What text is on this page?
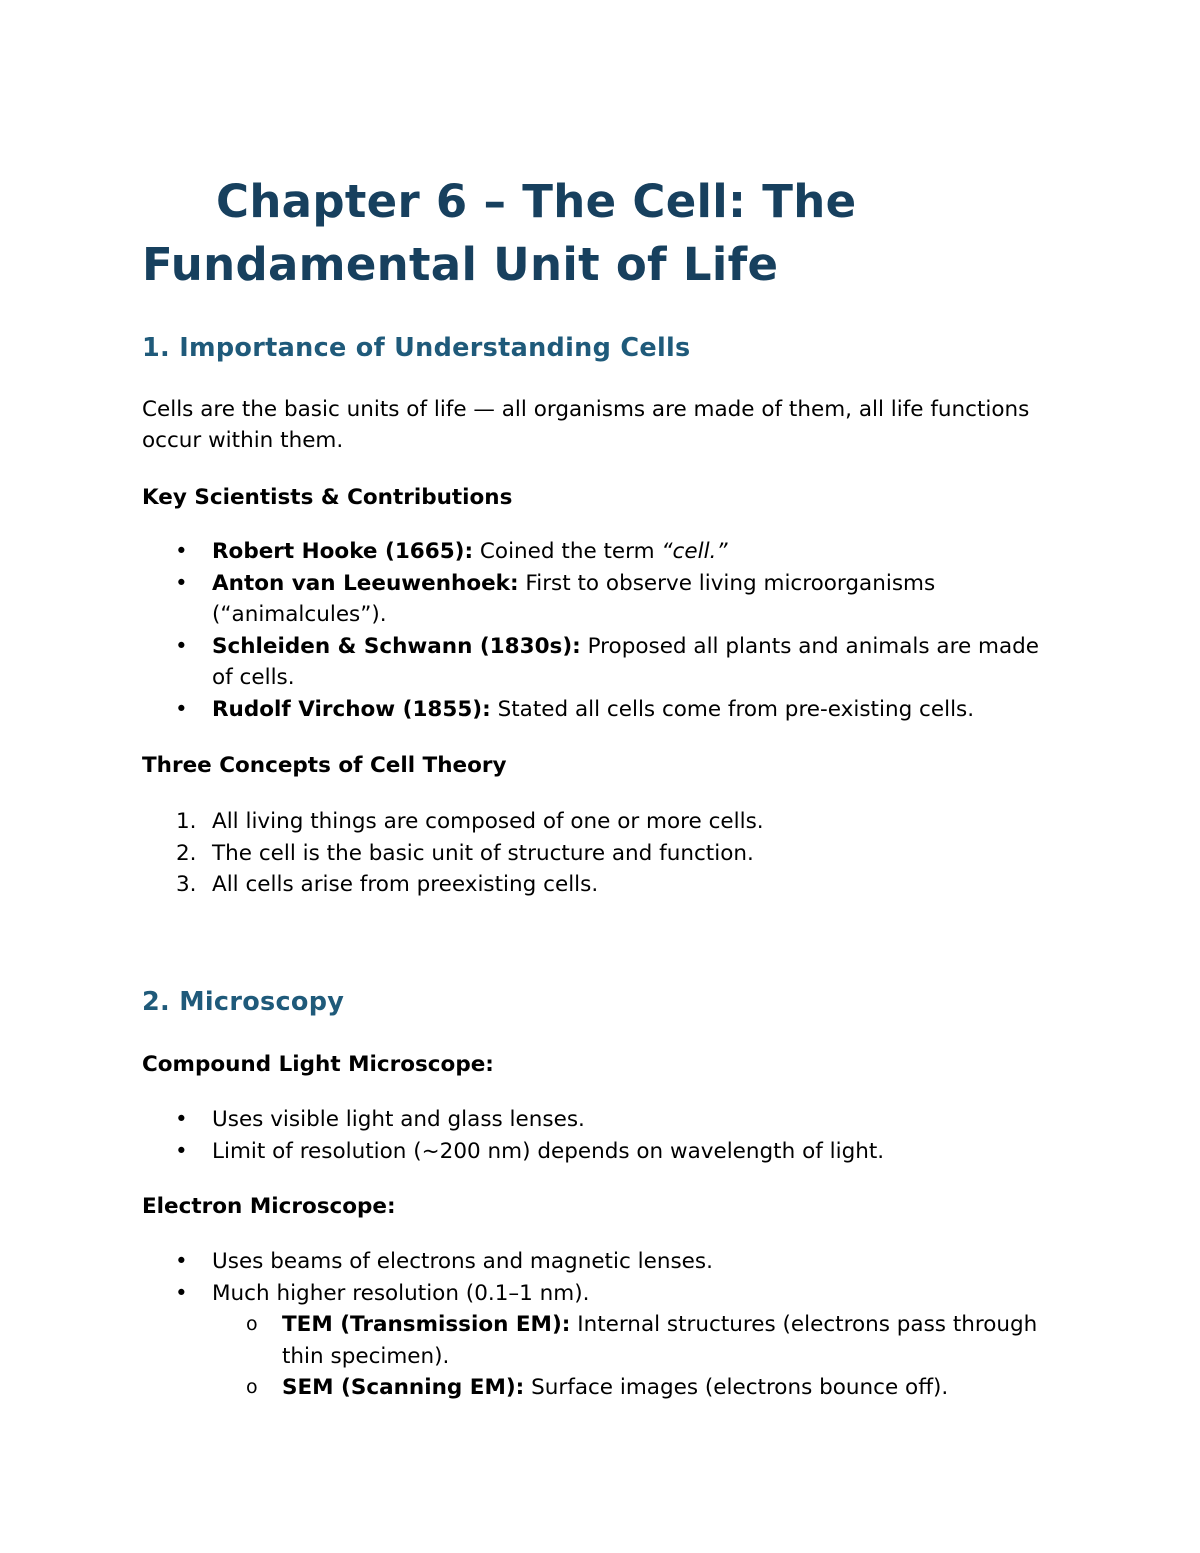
Chapter 6 – The Cell: The
Fundamental Unit of Life
1. Importance of Understanding Cells

Cells are the basic units of life — all organisms are made of them, all life functions occur within them.

Key Scientists & Contributions
• Robert Hooke (1665): Coined the term “cell.”
• Anton van Leeuwenhoek: First to observe living microorganisms (“animalcules”).
• Schleiden & Schwann (1830s): Proposed all plants and animals are made of cells.
• Rudolf Virchow (1855): Stated all cells come from pre-existing cells.
Three Concepts of Cell Theory
1. All living things are composed of one or more cells.
2. The cell is the basic unit of structure and function.
3. All cells arise from preexisting cells.
2. Microscopy
Compound Light Microscope:
• Uses visible light and glass lenses.
• Limit of resolution (~200 nm) depends on wavelength of light.
Electron Microscope:
• Uses beams of electrons and magnetic lenses.
• Much higher resolution (0.1–1 nm).
o TEM (Transmission EM): Internal structures (electrons pass through thin specimen).
o SEM (Scanning EM): Surface images (electrons bounce off).
